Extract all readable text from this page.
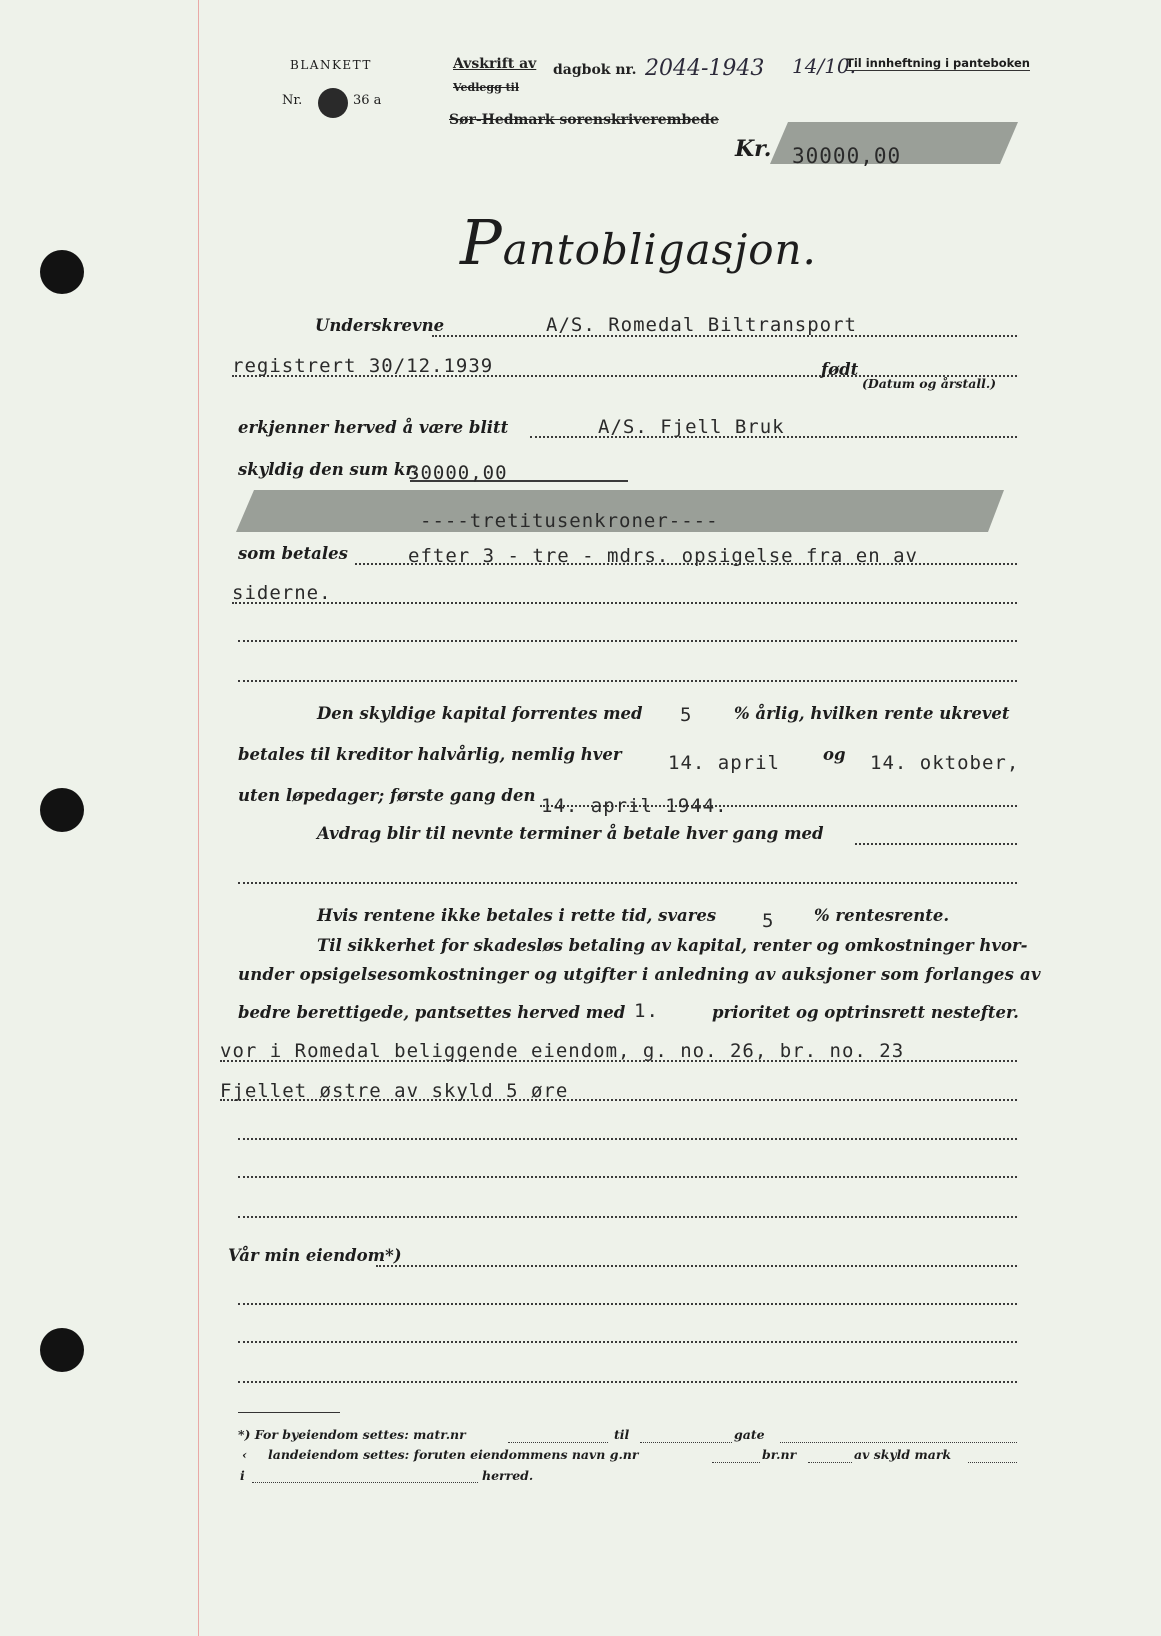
BLANKETT
Nr.	36 a
Avskrift av dagbok nr. 2044-1943 14/10.
Vedlegg til
Sør-Hedmark sorenskriverembede
Til innheftning i panteboken
Kr. 30000,00
Pantobligasjon.
Underskrevne	A/S. Romedal Biltransport
registrert 30/12.1939	født
(Datum og årstall.)
erkjenner herved å være blitt	A/S. Fjell Bruk
skyldig den sum kr.
30000,00
----tretitusenkroner----
som betales	efter 3 - tre - mdrs. opsigelse fra en av
siderne.
Den skyldige kapital forrentes med 5	% årlig, hvilken rente ukrevet
betales til kreditor halvårlig, nemlig hver 14. april	og 14. oktober,
uten løpedager; første gang den 14. april 1944.
Avdrag blir til nevnte terminer å betale hver gang med
Hvis rentene ikke betales i rette tid, svares 5 % rentesrente.
Til sikkerhet for skadesløs betaling av kapital, renter og omkostninger hvor-
under opsigelsesomkostninger og utgifter i anledning av auksjoner som forlanges av
bedre berettigede, pantsettes herved med 1.	prioritet og optrinsrett nestefter.
vor i Romedal beliggende eiendom, g. no. 26, br. no. 23
Fjellet østre av skyld 5 øre
Vår min eiendom*)
*) For byeiendom settes: matr.nr	til	gate
‹ landeiendom settes: foruten eiendommens navn g.nr	br.nr	av skyld mark
i	herred.
